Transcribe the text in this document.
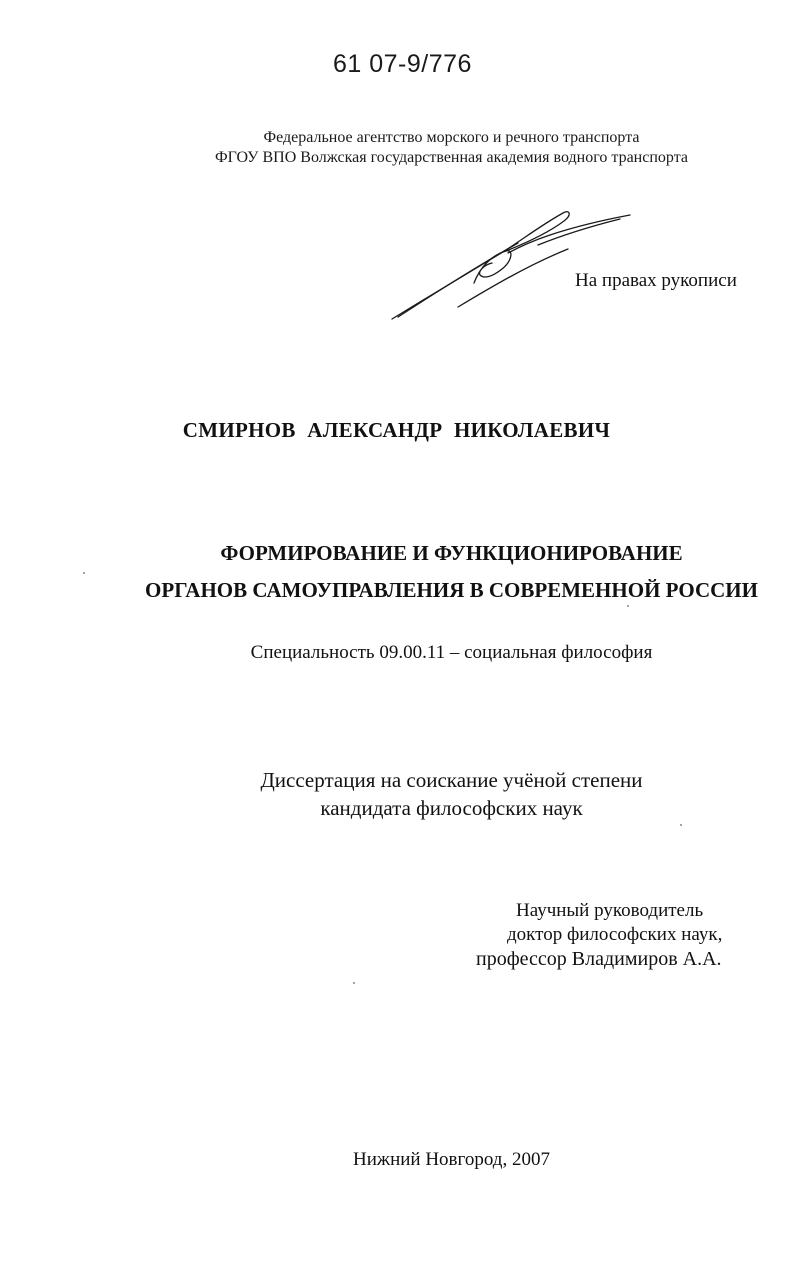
61 07-9/776
Федеральное агентство морского и речного транспорта
ФГОУ ВПО Волжская государственная академия водного транспорта
На правах рукописи
СМИРНОВ АЛЕКСАНДР НИКОЛАЕВИЧ
ФОРМИРОВАНИЕ И ФУНКЦИОНИРОВАНИЕ
ОРГАНОВ САМОУПРАВЛЕНИЯ В СОВРЕМЕННОЙ РОССИИ
Специальность 09.00.11 – социальная философия
Диссертация на соискание учёной степени
кандидата философских наук
Научный руководитель
доктор философских наук,
профессор Владимиров А.А.
Нижний Новгород, 2007
